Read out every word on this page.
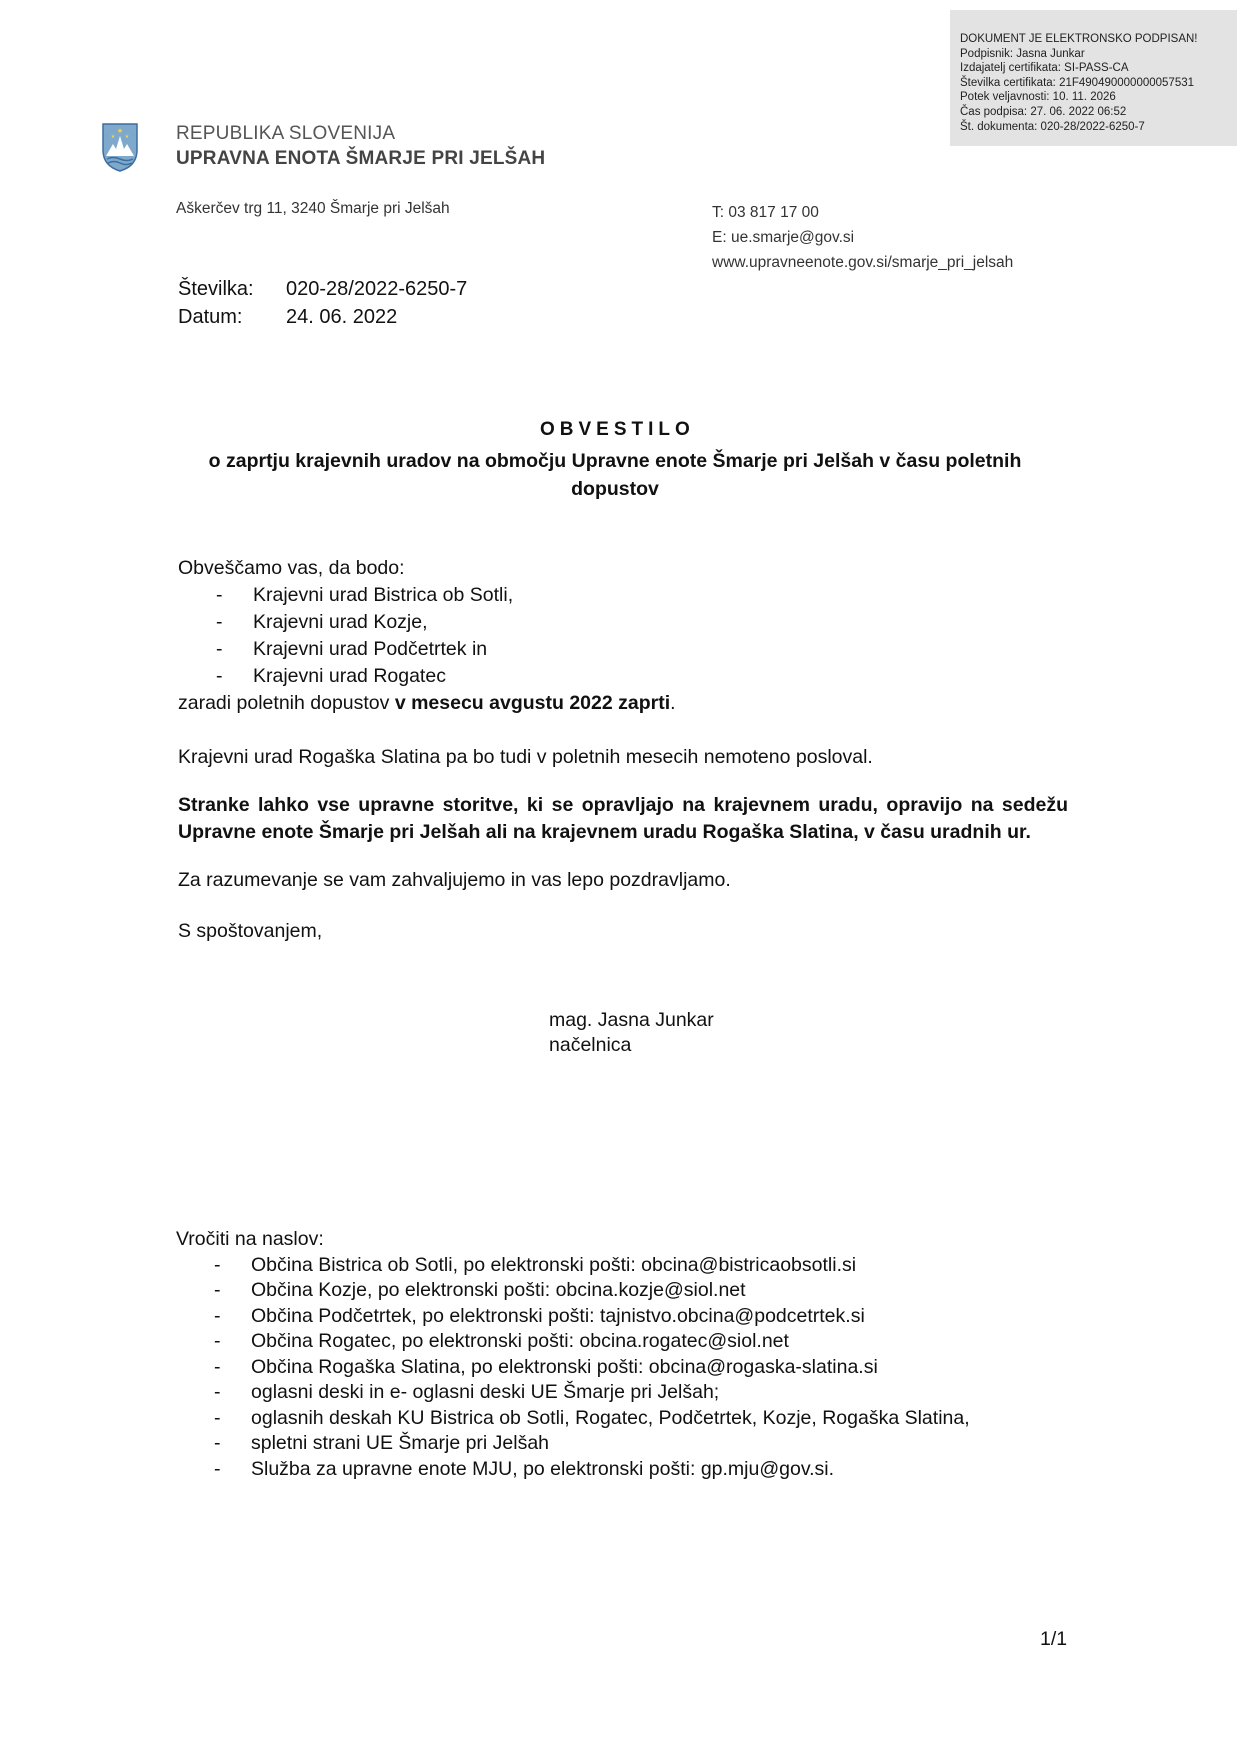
DOKUMENT JE ELEKTRONSKO PODPISAN!
Podpisnik: Jasna Junkar
Izdajatelj certifikata: SI-PASS-CA
Številka certifikata: 21F490490000000057531
Potek veljavnosti: 10. 11. 2026
Čas podpisa: 27. 06. 2022 06:52
Št. dokumenta: 020-28/2022-6250-7
★
★ ★ REPUBLIKA SLOVENIJA
UPRAVNA ENOTA ŠMARJE PRI JELŠAH
Aškerčev trg 11, 3240 Šmarje pri Jelšah	T: 03 817 17 00
E: ue.smarje@gov.si
www.upravneenote.gov.si/smarje_pri_jelsah
Številka: 020-28/2022-6250-7
Datum: 24. 06. 2022
OBVESTILO
o zaprtju krajevnih uradov na območju Upravne enote Šmarje pri Jelšah v času poletnih dopustov

Obveščamo vas, da bodo:

- Krajevni urad Bistrica ob Sotli,
- Krajevni urad Kozje,
- Krajevni urad Podčetrtek in
- Krajevni urad Rogatec

zaradi poletnih dopustov v mesecu avgustu 2022 zaprti.

Krajevni urad Rogaška Slatina pa bo tudi v poletnih mesecih nemoteno posloval.

Stranke lahko vse upravne storitve, ki se opravljajo na krajevnem uradu, opravijo na sedežu Upravne enote Šmarje pri Jelšah ali na krajevnem uradu Rogaška Slatina, v času uradnih ur.

Za razumevanje se vam zahvaljujemo in vas lepo pozdravljamo.

S spoštovanjem,

mag. Jasna Junkar
načelnica
Vročiti na naslov:
- Občina Bistrica ob Sotli, po elektronski pošti: obcina@bistricaobsotli.si
- Občina Kozje, po elektronski pošti: obcina.kozje@siol.net
- Občina Podčetrtek, po elektronski pošti: tajnistvo.obcina@podcetrtek.si
- Občina Rogatec, po elektronski pošti: obcina.rogatec@siol.net
- Občina Rogaška Slatina, po elektronski pošti: obcina@rogaska-slatina.si
- oglasni deski in e- oglasni deski UE Šmarje pri Jelšah;
- oglasnih deskah KU Bistrica ob Sotli, Rogatec, Podčetrtek, Kozje, Rogaška Slatina,
- spletni strani UE Šmarje pri Jelšah
- Služba za upravne enote MJU, po elektronski pošti: gp.mju@gov.si.
1/1
